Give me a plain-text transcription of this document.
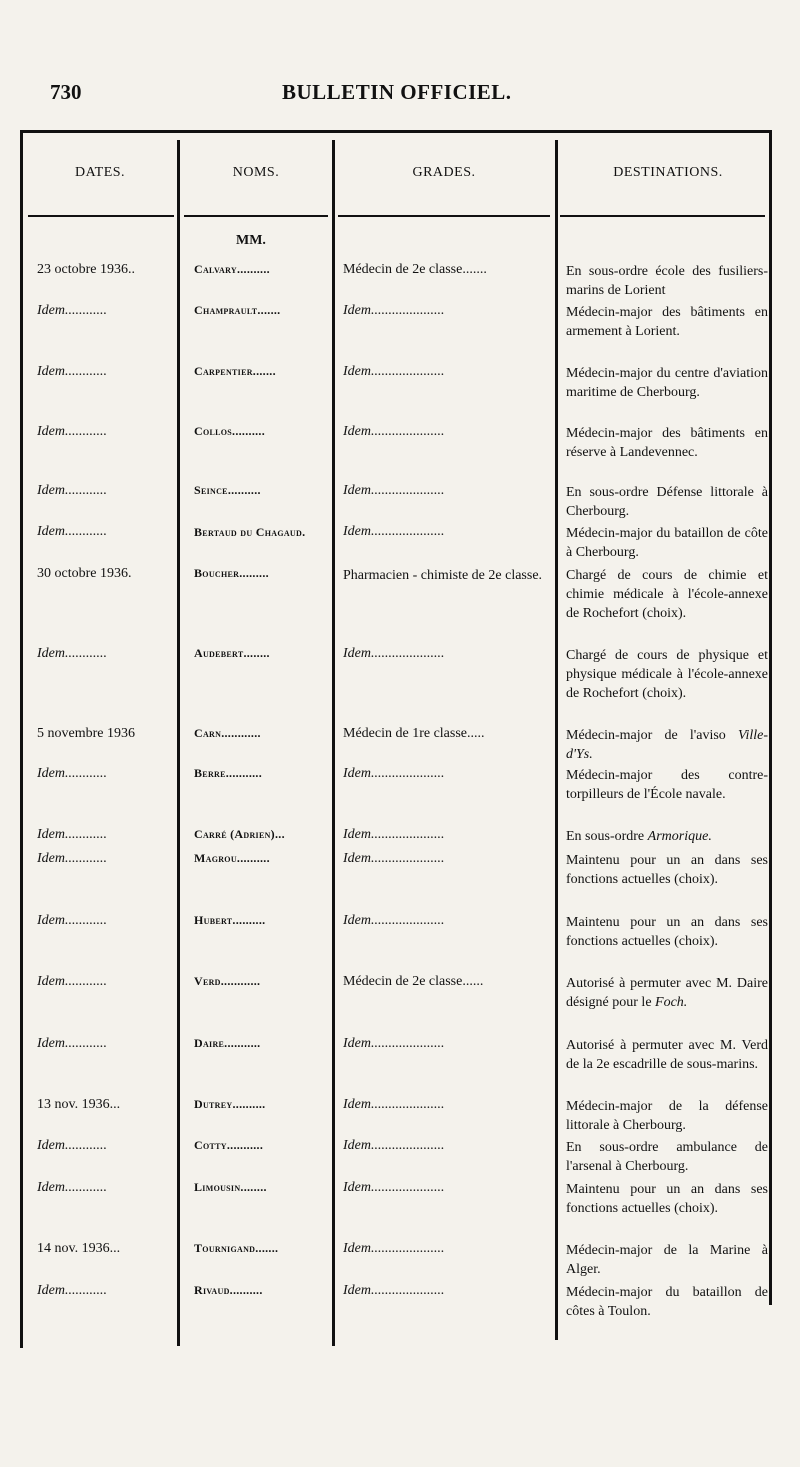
730	BULLETIN OFFICIEL.
DATES.	NOMS.	GRADES.	DESTINATIONS.
MM.
23 octobre 1936..	Calvary..........	Médecin de 2e classe.......	En sous-ordre école des fusiliers-marins de Lorient
Idem............	Champrault.......	Idem.....................	Médecin-major des bâtiments en armement à Lorient.
Idem............	Carpentier.......	Idem.....................	Médecin-major du centre d'aviation maritime de Cherbourg.
Idem............	Collos..........	Idem.....................	Médecin-major des bâtiments en réserve à Landevennec.
Idem............	Seince..........	Idem.....................	En sous-ordre Défense littorale à Cherbourg.
Idem............	Bertaud du Chagaud.	Idem.....................	Médecin-major du bataillon de côte à Cherbourg.
30 octobre 1936.	Boucher.........	Pharmacien - chimiste de 2e classe.	Chargé de cours de chimie et chimie médicale à l'école-annexe de Rochefort (choix).
Idem............	Audebert........	Idem.....................	Chargé de cours de physique et physique médicale à l'école-annexe de Rochefort (choix).
5 novembre 1936	Carn............	Médecin de 1re classe.....	Médecin-major de l'aviso Ville-d'Ys.
Idem............	Berre...........	Idem.....................	Médecin-major des contre-torpilleurs de l'École navale.
Idem............	Carré (Adrien)...	Idem.....................	En sous-ordre Armorique.
Idem............	Magrou..........	Idem.....................	Maintenu pour un an dans ses fonctions actuelles (choix).
Idem............	Hubert..........	Idem.....................	Maintenu pour un an dans ses fonctions actuelles (choix).
Idem............	Verd............	Médecin de 2e classe......	Autorisé à permuter avec M. Daire désigné pour le Foch.
Idem............	Daire...........	Idem.....................	Autorisé à permuter avec M. Verd de la 2e escadrille de sous-marins.
13 nov. 1936...	Dutrey..........	Idem.....................	Médecin-major de la défense littorale à Cherbourg.
Idem............	Cotty...........	Idem.....................	En sous-ordre ambulance de l'arsenal à Cherbourg.
Idem............	Limousin........	Idem.....................	Maintenu pour un an dans ses fonctions actuelles (choix).
14 nov. 1936...	Tournigand.......	Idem.....................	Médecin-major de la Marine à Alger.
Idem............	Rivaud..........	Idem.....................	Médecin-major du bataillon de côtes à Toulon.
